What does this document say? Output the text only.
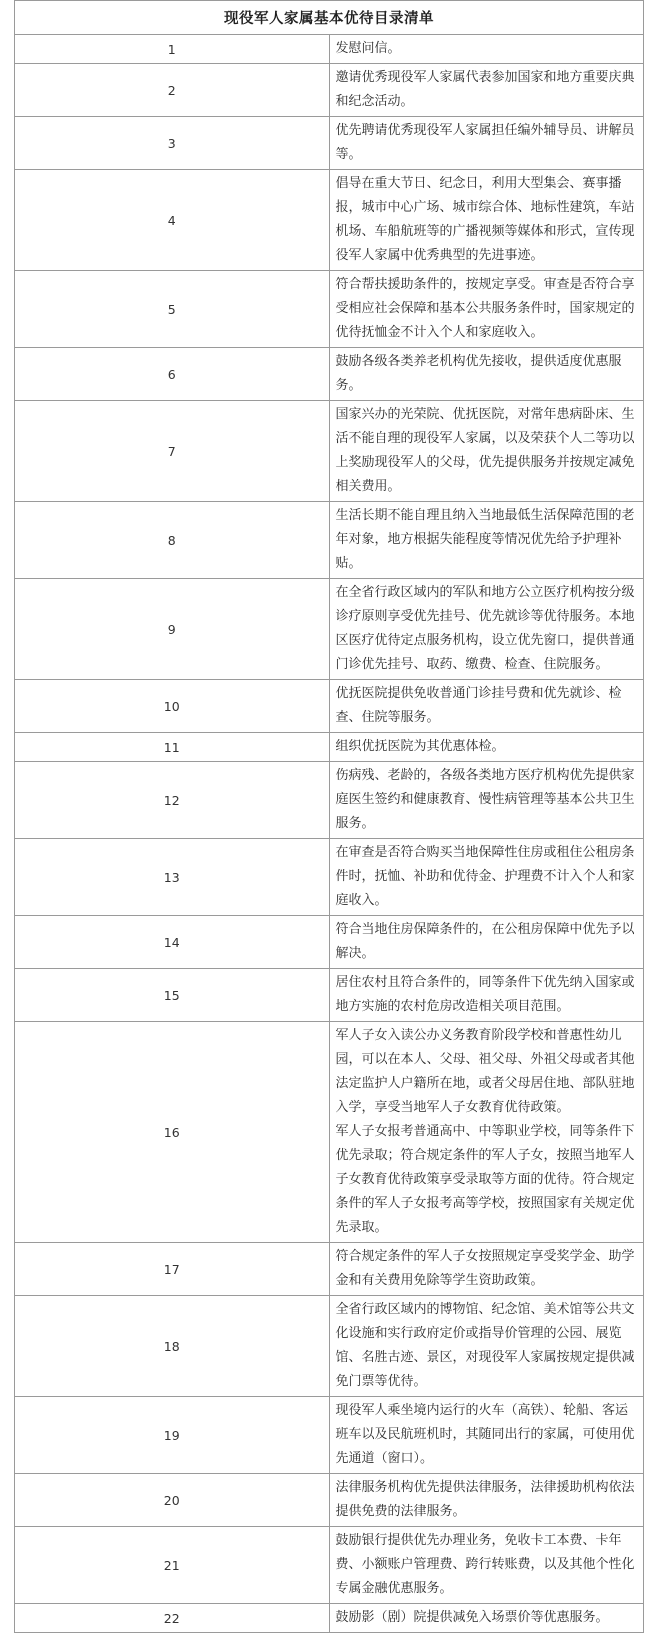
现役军人家属基本优待目录清单	
1	发慰问信。

2	邀请优秀现役军人家属代表参加国家和地方重要庆典和纪念活动。

3	优先聘请优秀现役军人家属担任编外辅导员、讲解员等。

4	倡导在重大节日、纪念日，利用大型集会、赛事播报，城市中心广场、城市综合体、地标性建筑，车站机场、车船航班等的广播视频等媒体和形式，宣传现役军人家属中优秀典型的先进事迹。

5	符合帮扶援助条件的，按规定享受。审查是否符合享受相应社会保障和基本公共服务条件时，国家规定的优待抚恤金不计入个人和家庭收入。

6	鼓励各级各类养老机构优先接收，提供适度优惠服务。

7	国家兴办的光荣院、优抚医院，对常年患病卧床、生活不能自理的现役军人家属，以及荣获个人二等功以上奖励现役军人的父母，优先提供服务并按规定减免相关费用。

8	生活长期不能自理且纳入当地最低生活保障范围的老年对象，地方根据失能程度等情况优先给予护理补贴。

9	在全省行政区域内的军队和地方公立医疗机构按分级诊疗原则享受优先挂号、优先就诊等优待服务。本地区医疗优待定点服务机构，设立优先窗口，提供普通门诊优先挂号、取药、缴费、检查、住院服务。

10	优抚医院提供免收普通门诊挂号费和优先就诊、检查、住院等服务。

11	组织优抚医院为其优惠体检。

12	伤病残、老龄的，各级各类地方医疗机构优先提供家庭医生签约和健康教育、慢性病管理等基本公共卫生服务。

13	在审查是否符合购买当地保障性住房或租住公租房条件时，抚恤、补助和优待金、护理费不计入个人和家庭收入。

14	符合当地住房保障条件的，在公租房保障中优先予以解决。

15	居住农村且符合条件的，同等条件下优先纳入国家或地方实施的农村危房改造相关项目范围。

16	军人子女入读公办义务教育阶段学校和普惠性幼儿园，可以在本人、父母、祖父母、外祖父母或者其他法定监护人户籍所在地，或者父母居住地、部队驻地入学，享受当地军人子女教育优待政策。
军人子女报考普通高中、中等职业学校，同等条件下优先录取；符合规定条件的军人子女，按照当地军人子女教育优待政策享受录取等方面的优待。符合规定条件的军人子女报考高等学校，按照国家有关规定优先录取。

17	符合规定条件的军人子女按照规定享受奖学金、助学金和有关费用免除等学生资助政策。

18	全省行政区域内的博物馆、纪念馆、美术馆等公共文化设施和实行政府定价或指导价管理的公园、展览馆、名胜古迹、景区，对现役军人家属按规定提供减免门票等优待。

19	现役军人乘坐境内运行的火车（高铁）、轮船、客运班车以及民航班机时，其随同出行的家属，可使用优先通道（窗口）。

20	法律服务机构优先提供法律服务，法律援助机构依法提供免费的法律服务。

21	鼓励银行提供优先办理业务，免收卡工本费、卡年费、小额账户管理费、跨行转账费，以及其他个性化专属金融优惠服务。

22	鼓励影（剧）院提供减免入场票价等优惠服务。
